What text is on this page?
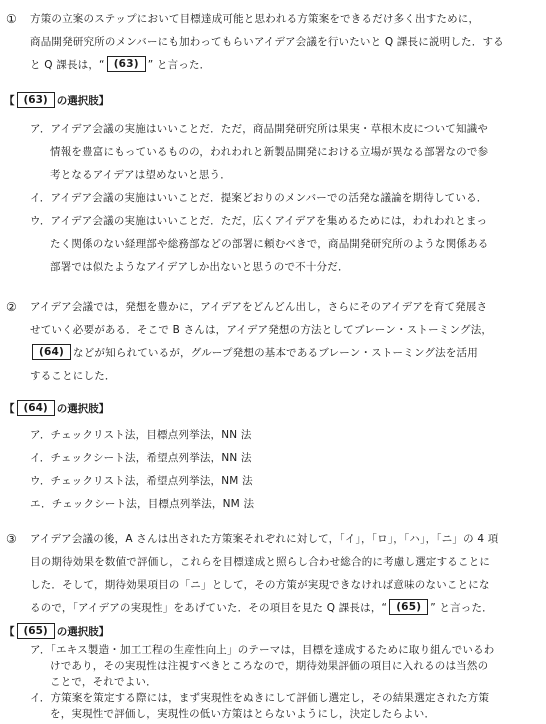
① 方策の立案のステップにおいて目標達成可能と思われる方策案をできるだけ多く出すために，
商品開発研究所のメンバーにも加わってもらいアイデア会議を行いたいと Q 課長に説明した．する
と Q 課長は，“ (63) ” と言った．
【 (63) の選択肢】
ア．アイデア会議の実施はいいことだ．ただ，商品開発研究所は果実・草根木皮について知識や
情報を豊富にもっているものの，われわれと新製品開発における立場が異なる部署なので参
考となるアイデアは望めないと思う．
イ．アイデア会議の実施はいいことだ．提案どおりのメンバーでの活発な議論を期待している．
ウ．アイデア会議の実施はいいことだ．ただ，広くアイデアを集めるためには，われわれとまっ
たく関係のない経理部や総務部などの部署に頼むべきで，商品開発研究所のような関係ある
部署では似たようなアイデアしか出ないと思うので不十分だ．
② アイデア会議では，発想を豊かに，アイデアをどんどん出し，さらにそのアイデアを育て発展さ
せていく必要がある．そこで B さんは，アイデア発想の方法としてブレーン・ストーミング法，
(64) などが知られているが，グループ発想の基本であるブレーン・ストーミング法を活用
することにした．
【 (64) の選択肢】
ア．チェックリスト法，目標点列挙法，NN 法
イ．チェックシート法，希望点列挙法，NN 法
ウ．チェックリスト法，希望点列挙法，NM 法
エ．チェックシート法，目標点列挙法，NM 法
③ アイデア会議の後，A さんは出された方策案それぞれに対して，「イ」，「ロ」，「ハ」，「ニ」の 4 項
目の期待効果を数値で評価し，これらを目標達成と照らし合わせ総合的に考慮し選定することに
した．そして，期待効果項目の「ニ」として，その方策が実現できなければ意味のないことにな
るので，「アイデアの実現性」をあげていた．その項目を見た Q 課長は，“ (65) ” と言った．
【 (65) の選択肢】
ア．「エキス製造・加工工程の生産性向上」のテーマは，目標を達成するために取り組んでいるわ
けであり，その実現性は注視すべきところなので，期待効果評価の項目に入れるのは当然の
ことで，それでよい．
イ．方策案を策定する際には，まず実現性をぬきにして評価し選定し，その結果選定された方策
を，実現性で評価し，実現性の低い方策はとらないようにし，決定したらよい．
